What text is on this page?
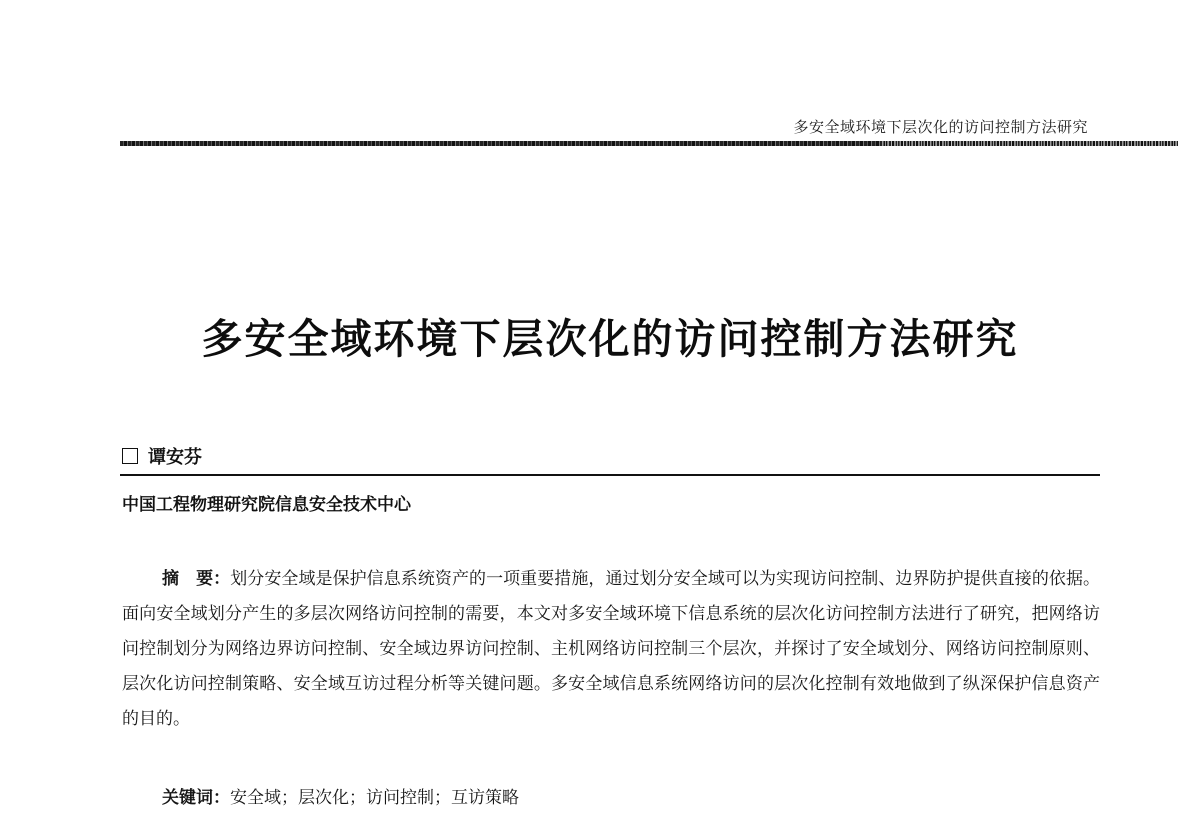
多安全域环境下层次化的访问控制方法研究
多安全域环境下层次化的访问控制方法研究
谭安芬
中国工程物理研究院信息安全技术中心

摘　要：划分安全域是保护信息系统资产的一项重要措施，通过划分安全域可以为实现访问控制、边界防护提供直接的依据。面向安全域划分产生的多层次网络访问控制的需要，本文对多安全域环境下信息系统的层次化访问控制方法进行了研究，把网络访问控制划分为网络边界访问控制、安全域边界访问控制、主机网络访问控制三个层次，并探讨了安全域划分、网络访问控制原则、层次化访问控制策略、安全域互访过程分析等关键问题。多安全域信息系统网络访问的层次化控制有效地做到了纵深保护信息资产的目的。

关键词：安全域；层次化；访问控制；互访策略
